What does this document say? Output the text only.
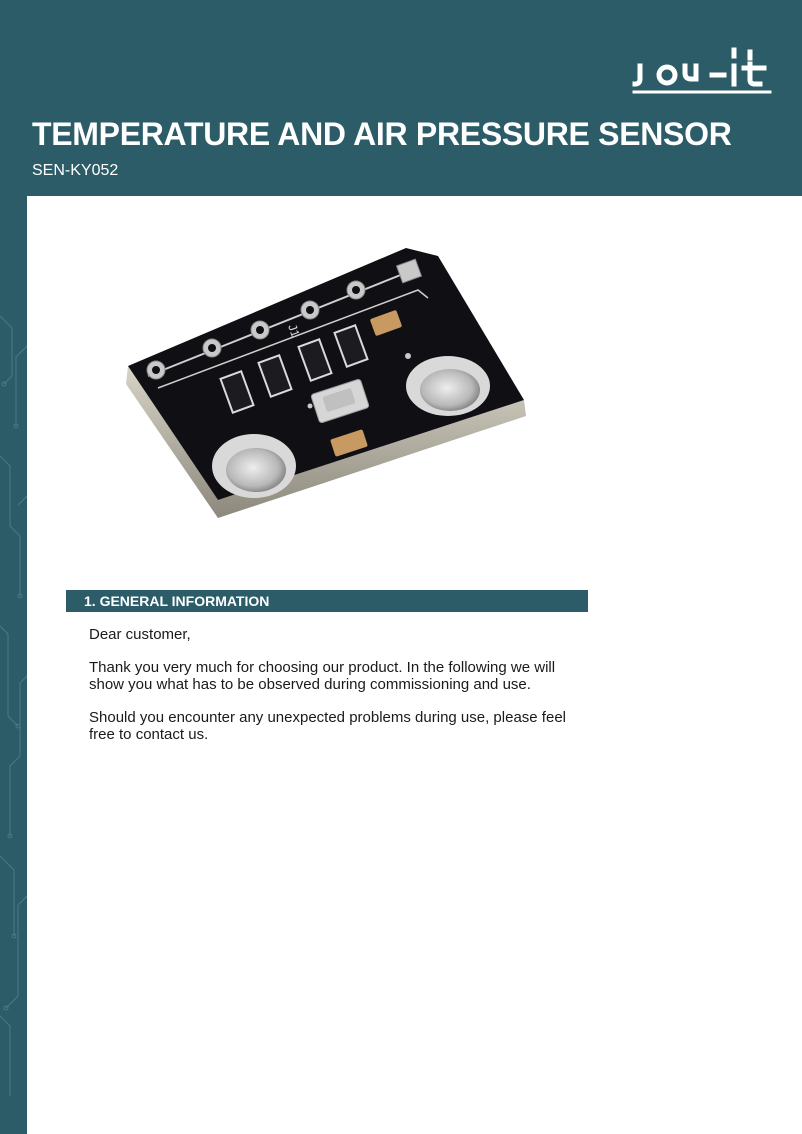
TEMPERATURE AND AIR PRESSURE SENSOR
SEN-KY052
J1
1. GENERAL INFORMATION

Dear customer,

Thank you very much for choosing our product. In the following we will show you what has to be observed during commissioning and use.

Should you encounter any unexpected problems during use, please feel free to contact us.
